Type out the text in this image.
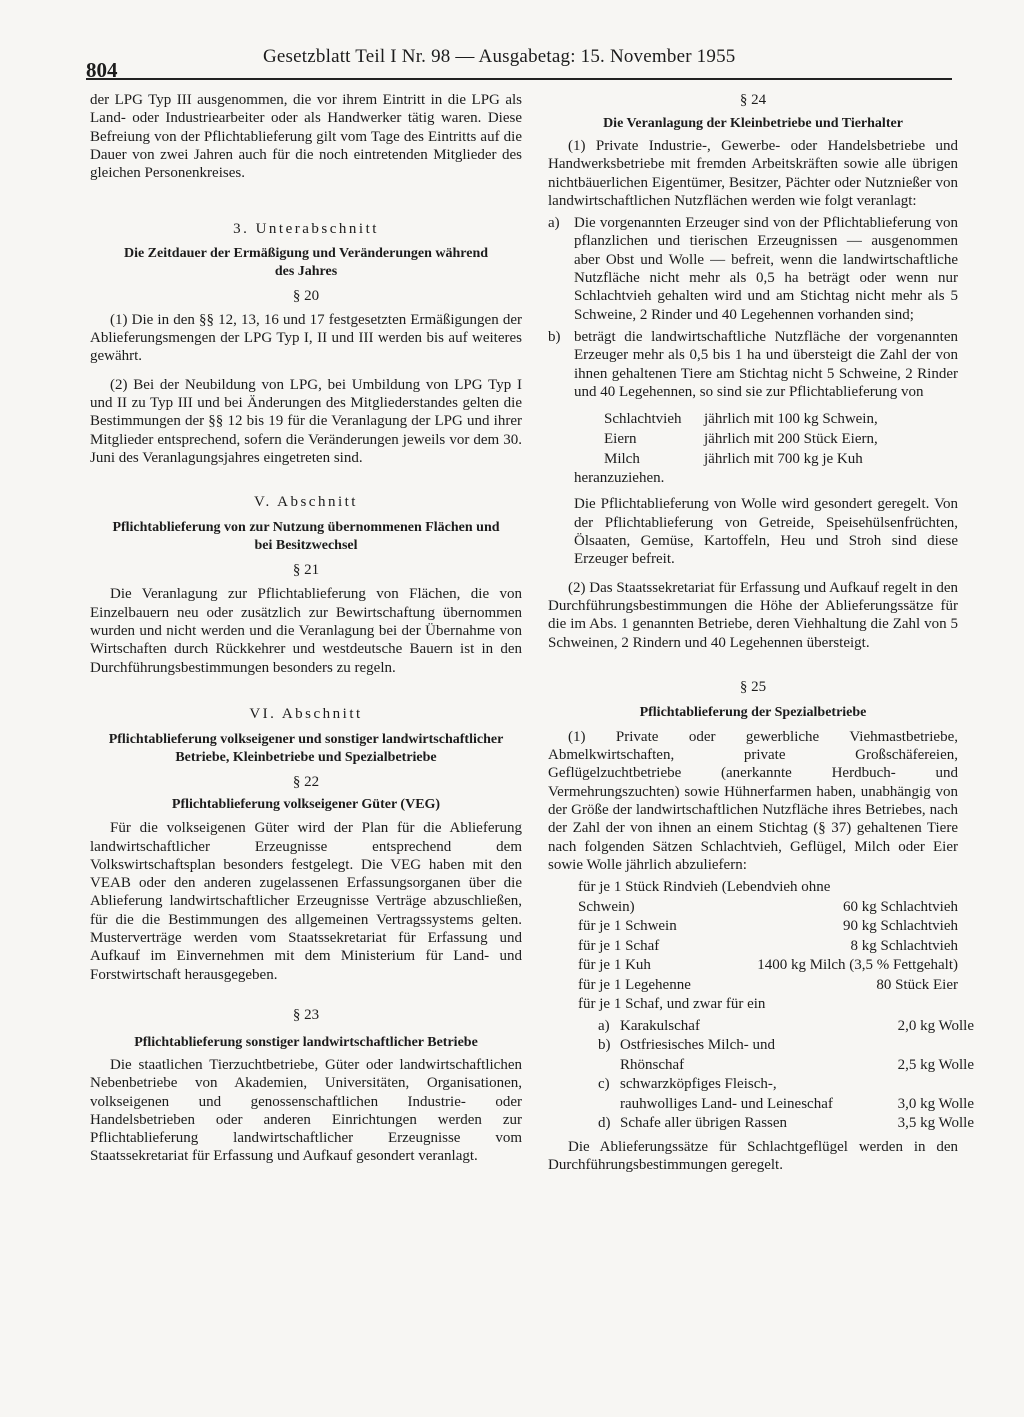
804
Gesetzblatt Teil I Nr. 98 — Ausgabetag: 15. November 1955

der LPG Typ III ausgenommen, die vor ihrem Eintritt in die LPG als Land- oder Industriearbeiter oder als Handwerker tätig waren. Diese Befreiung von der Pflichtablieferung gilt vom Tage des Eintritts auf die Dauer von zwei Jahren auch für die noch eintretenden Mitglieder des gleichen Personenkreises.

3. Unterabschnitt

Die Zeitdauer der Ermäßigung und Veränderungen während des Jahres

§ 20

(1) Die in den §§ 12, 13, 16 und 17 festgesetzten Ermäßigungen der Ablieferungsmengen der LPG Typ I, II und III werden bis auf weiteres gewährt.

(2) Bei der Neubildung von LPG, bei Umbildung von LPG Typ I und II zu Typ III und bei Änderungen des Mitgliederstandes gelten die Bestimmungen der §§ 12 bis 19 für die Veranlagung der LPG und ihrer Mitglieder entsprechend, sofern die Veränderungen jeweils vor dem 30. Juni des Veranlagungsjahres eingetreten sind.

V. Abschnitt

Pflichtablieferung von zur Nutzung übernommenen Flächen und bei Besitzwechsel

§ 21

Die Veranlagung zur Pflichtablieferung von Flächen, die von Einzelbauern neu oder zusätzlich zur Bewirtschaftung übernommen wurden und nicht werden und die Veranlagung bei der Übernahme von Wirtschaften durch Rückkehrer und westdeutsche Bauern ist in den Durchführungsbestimmungen besonders zu regeln.

VI. Abschnitt

Pflichtablieferung volkseigener und sonstiger landwirtschaftlicher Betriebe, Kleinbetriebe und Spezialbetriebe

§ 22

Pflichtablieferung volkseigener Güter (VEG)

Für die volkseigenen Güter wird der Plan für die Ablieferung landwirtschaftlicher Erzeugnisse entsprechend dem Volkswirtschaftsplan besonders festgelegt. Die VEG haben mit den VEAB oder den anderen zugelassenen Erfassungsorganen über die Ablieferung landwirtschaftlicher Erzeugnisse Verträge abzuschließen, für die die Bestimmungen des allgemeinen Vertragssystems gelten. Musterverträge werden vom Staatssekretariat für Erfassung und Aufkauf im Einvernehmen mit dem Ministerium für Land- und Forstwirtschaft herausgegeben.

§ 23

Pflichtablieferung sonstiger landwirtschaftlicher Betriebe

Die staatlichen Tierzuchtbetriebe, Güter oder landwirtschaftlichen Nebenbetriebe von Akademien, Universitäten, Organisationen, volkseigenen und genossenschaftlichen Industrie- oder Handelsbetrieben oder anderen Einrichtungen werden zur Pflichtablieferung landwirtschaftlicher Erzeugnisse vom Staatssekretariat für Erfassung und Aufkauf gesondert veranlagt.

§ 24

Die Veranlagung der Kleinbetriebe und Tierhalter

(1) Private Industrie-, Gewerbe- oder Handelsbetriebe und Handwerksbetriebe mit fremden Arbeitskräften sowie alle übrigen nichtbäuerlichen Eigentümer, Besitzer, Pächter oder Nutznießer von landwirtschaftlichen Nutzflächen werden wie folgt veranlagt:

a) Die vorgenannten Erzeuger sind von der Pflichtablieferung von pflanzlichen und tierischen Erzeugnissen — ausgenommen aber Obst und Wolle — befreit, wenn die landwirtschaftliche Nutzfläche nicht mehr als 0,5 ha beträgt oder wenn nur Schlachtvieh gehalten wird und am Stichtag nicht mehr als 5 Schweine, 2 Rinder und 40 Legehennen vorhanden sind;

b) beträgt die landwirtschaftliche Nutzfläche der vorgenannten Erzeuger mehr als 0,5 bis 1 ha und übersteigt die Zahl der von ihnen gehaltenen Tiere am Stichtag nicht 5 Schweine, 2 Rinder und 40 Legehennen, so sind sie zur Pflichtablieferung von

Schlachtvieh	jährlich mit 100 kg Schwein,
Eiern	jährlich mit 200 Stück Eiern,
Milch	jährlich mit 700 kg je Kuh

heranzuziehen.

Die Pflichtablieferung von Wolle wird gesondert geregelt. Von der Pflichtablieferung von Getreide, Speisehülsenfrüchten, Ölsaaten, Gemüse, Kartoffeln, Heu und Stroh sind diese Erzeuger befreit.

(2) Das Staatssekretariat für Erfassung und Aufkauf regelt in den Durchführungsbestimmungen die Höhe der Ablieferungssätze für die im Abs. 1 genannten Betriebe, deren Viehhaltung die Zahl von 5 Schweinen, 2 Rindern und 40 Legehennen übersteigt.

§ 25

Pflichtablieferung der Spezialbetriebe

(1) Private oder gewerbliche Viehmastbetriebe, Abmelkwirtschaften, private Großschäfereien, Geflügelzuchtbetriebe (anerkannte Herdbuch- und Vermehrungszuchten) sowie Hühnerfarmen haben, unabhängig von der Größe der landwirtschaftlichen Nutzfläche ihres Betriebes, nach der Zahl der von ihnen an einem Stichtag (§ 37) gehaltenen Tiere nach folgenden Sätzen Schlachtvieh, Geflügel, Milch oder Eier sowie Wolle jährlich abzuliefern:

für je 1 Stück Rindvieh (Lebendvieh ohne	
Schwein)	60 kg Schlachtvieh
für je 1 Schwein	90 kg Schlachtvieh
für je 1 Schaf	8 kg Schlachtvieh
für je 1 Kuh	1400 kg Milch (3,5 % Fettgehalt)
für je 1 Legehenne	80 Stück Eier
für je 1 Schaf, und zwar für ein	
a)	Karakulschaf	2,0 kg Wolle
b)	Ostfriesisches Milch- und Rhönschaf	2,5 kg Wolle
c)	schwarzköpfiges Fleisch-, rauhwolliges Land- und Leineschaf	3,0 kg Wolle
d)	Schafe aller übrigen Rassen	3,5 kg Wolle

Die Ablieferungssätze für Schlachtgeflügel werden in den Durchführungsbestimmungen geregelt.
